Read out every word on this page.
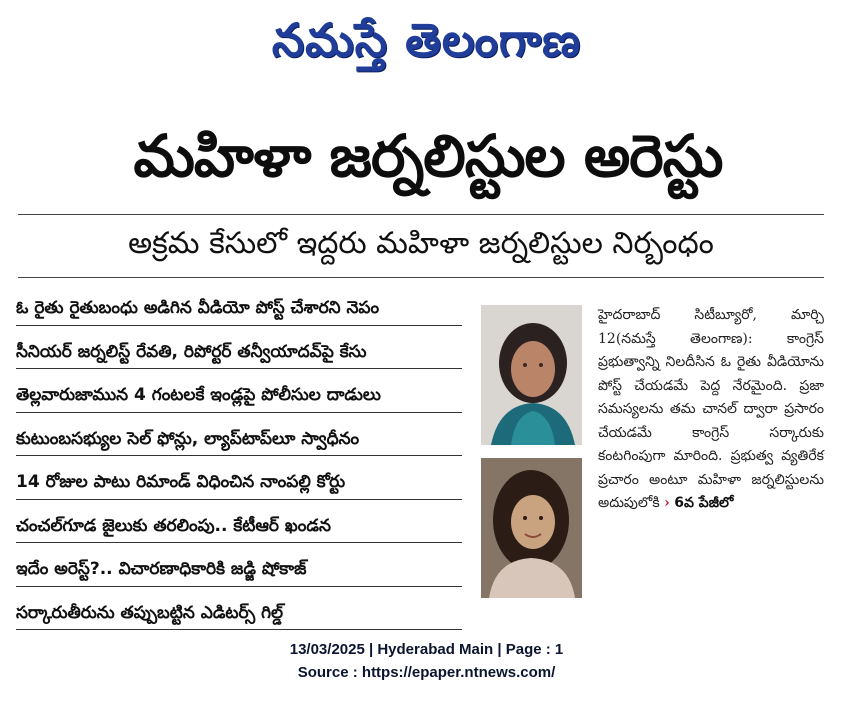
నమస్తే తెలంగాణ
మహిళా జర్నలిస్టుల అరెస్టు
అక్రమ కేసులో ఇద్దరు మహిళా జర్నలిస్టుల నిర్బంధం
ఓ రైతు రైతుబంధు అడిగిన వీడియో పోస్ట్ చేశారని నెపం
సీనియర్ జర్నలిస్ట్ రేవతి, రిపోర్టర్ తన్వీయాదవ్‌పై కేసు
తెల్లవారుజామున 4 గంటలకే ఇండ్లపై పోలీసుల దాడులు
కుటుంబసభ్యుల సెల్ ఫోన్లు, ల్యాప్‌టాప్‌లూ స్వాధీనం
14 రోజుల పాటు రిమాండ్ విధించిన నాంపల్లి కోర్టు
చంచల్‌గూడ జైలుకు తరలింపు.. కేటీఆర్ ఖండన
ఇదేం అరెస్ట్?.. విచారణాధికారికి జడ్జి షోకాజ్
సర్కారుతీరును తప్పుబట్టిన ఎడిటర్స్ గిల్డ్

హైదరాబాద్ సిటీబ్యూరో, మార్చి 12(నమస్తే తెలంగాణ): కాంగ్రెస్ ప్రభుత్వాన్ని నిలదీసిన ఓ రైతు వీడియోను పోస్ట్ చేయడమే పెద్ద నేరమైంది. ప్రజా సమస్యలను తమ చానల్ ద్వారా ప్రసారం చేయడమే కాంగ్రెస్ సర్కారుకు కంటగింపుగా మారింది. ప్రభుత్వ వ్యతిరేక ప్రచారం అంటూ మహిళా జర్నలిస్టులను అదుపులోకి › 6వ పేజీలో

13/03/2025 | Hyderabad Main | Page : 1
Source : https://epaper.ntnews.com/
